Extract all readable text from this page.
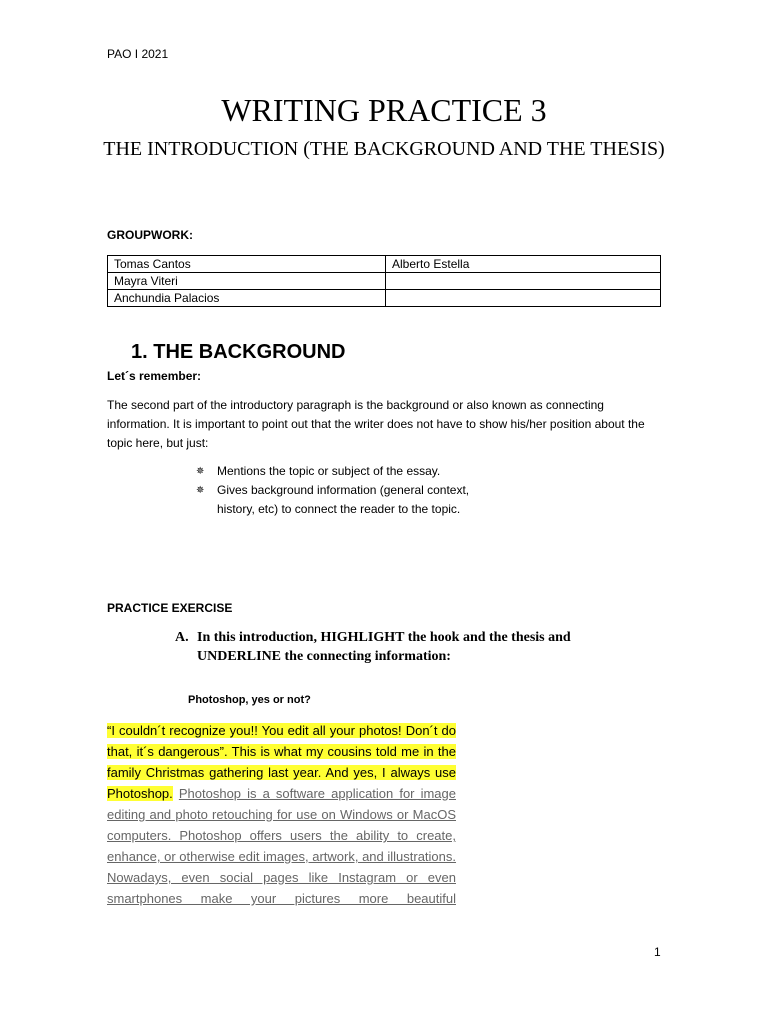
PAO I 2021
WRITING PRACTICE 3
THE INTRODUCTION (THE BACKGROUND AND THE THESIS)
GROUPWORK:
Tomas Cantos	Alberto Estella
Mayra Viteri	
Anchundia Palacios	
1. THE BACKGROUND
Let´s remember:
The second part of the introductory paragraph is the background or also known as connecting information. It is important to point out that the writer does not have to show his/her position about the topic here, but just:
✵ Mentions the topic or subject of the essay.
✵ Gives background information (general context, history, etc) to connect the reader to the topic.
PRACTICE EXERCISE
A. In this introduction, HIGHLIGHT the hook and the thesis and UNDERLINE the connecting information:
Photoshop, yes or not?
“I couldn´t recognize you!! You edit all your photos! Don´t do that, it´s dangerous”. This is what my cousins told me in the family Christmas gathering last year. And yes, I always use Photoshop. Photoshop is a software application for image editing and photo retouching for use on Windows or MacOS computers. Photoshop offers users the ability to create, enhance, or otherwise edit images, artwork, and illustrations. Nowadays, even social pages like Instagram or even smartphones make your pictures more beautiful
1
